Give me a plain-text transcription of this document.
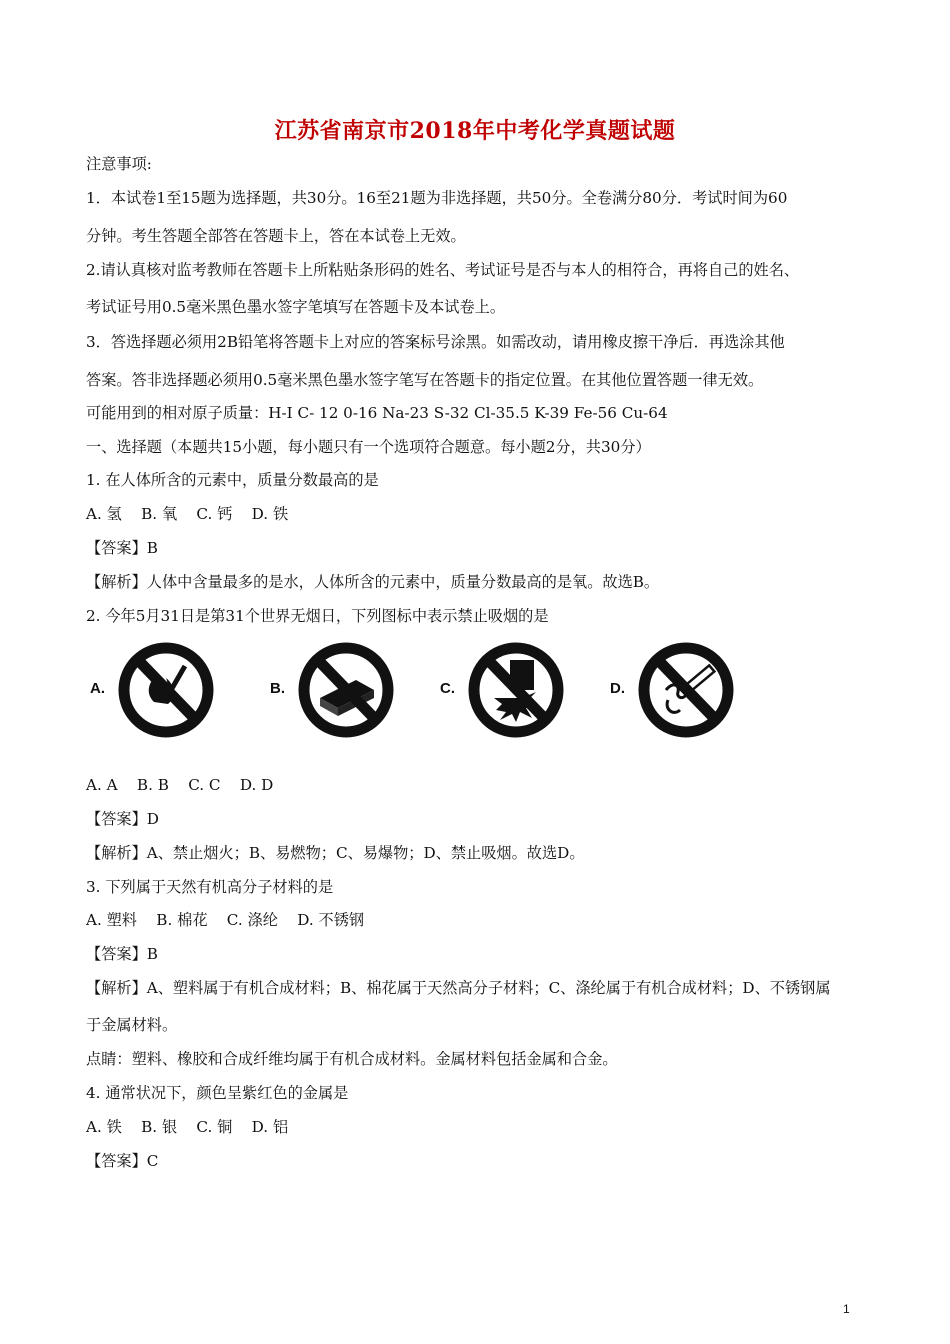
江苏省南京市2018年中考化学真题试题
注意事项:
1．本试卷1至15题为选择题，共30分。16至21题为非选择题，共50分。全卷满分80分．考试时间为60
分钟。考生答题全部答在答题卡上，答在本试卷上无效。
2.请认真核对监考教师在答题卡上所粘贴条形码的姓名、考试证号是否与本人的相符合，再将自己的姓名、
考试证号用0.5毫米黑色墨水签字笔填写在答题卡及本试卷上。
3．答选择题必须用2B铅笔将答题卡上对应的答案标号涂黑。如需改动，请用橡皮擦干净后．再选涂其他
答案。答非选择题必须用0.5毫米黑色墨水签字笔写在答题卡的指定位置。在其他位置答题一律无效。
可能用到的相对原子质量：H-I C- 12 0-16 Na-23 S-32 Cl-35.5 K-39 Fe-56 Cu-64
一、选择题（本题共15小题，每小题只有一个选项符合题意。每小题2分，共30分）
1. 在人体所含的元素中，质量分数最高的是
A. 氢    B. 氧    C. 钙    D. 铁
【答案】B
【解析】人体中含量最多的是水，人体所含的元素中，质量分数最高的是氧。故选B。
2. 今年5月31日是第31个世界无烟日，下列图标中表示禁止吸烟的是
A.	B.	C.	D.
A. A    B. B    C. C    D. D
【答案】D
【解析】A、禁止烟火；B、易燃物；C、易爆物；D、禁止吸烟。故选D。
3. 下列属于天然有机高分子材料的是
A. 塑料    B. 棉花    C. 涤纶    D. 不锈钢
【答案】B
【解析】A、塑料属于有机合成材料；B、棉花属于天然高分子材料；C、涤纶属于有机合成材料；D、不锈钢属
于金属材料。
点睛：塑料、橡胶和合成纤维均属于有机合成材料。金属材料包括金属和合金。
4. 通常状况下，颜色呈紫红色的金属是
A. 铁    B. 银    C. 铜    D. 铝
【答案】C
1
